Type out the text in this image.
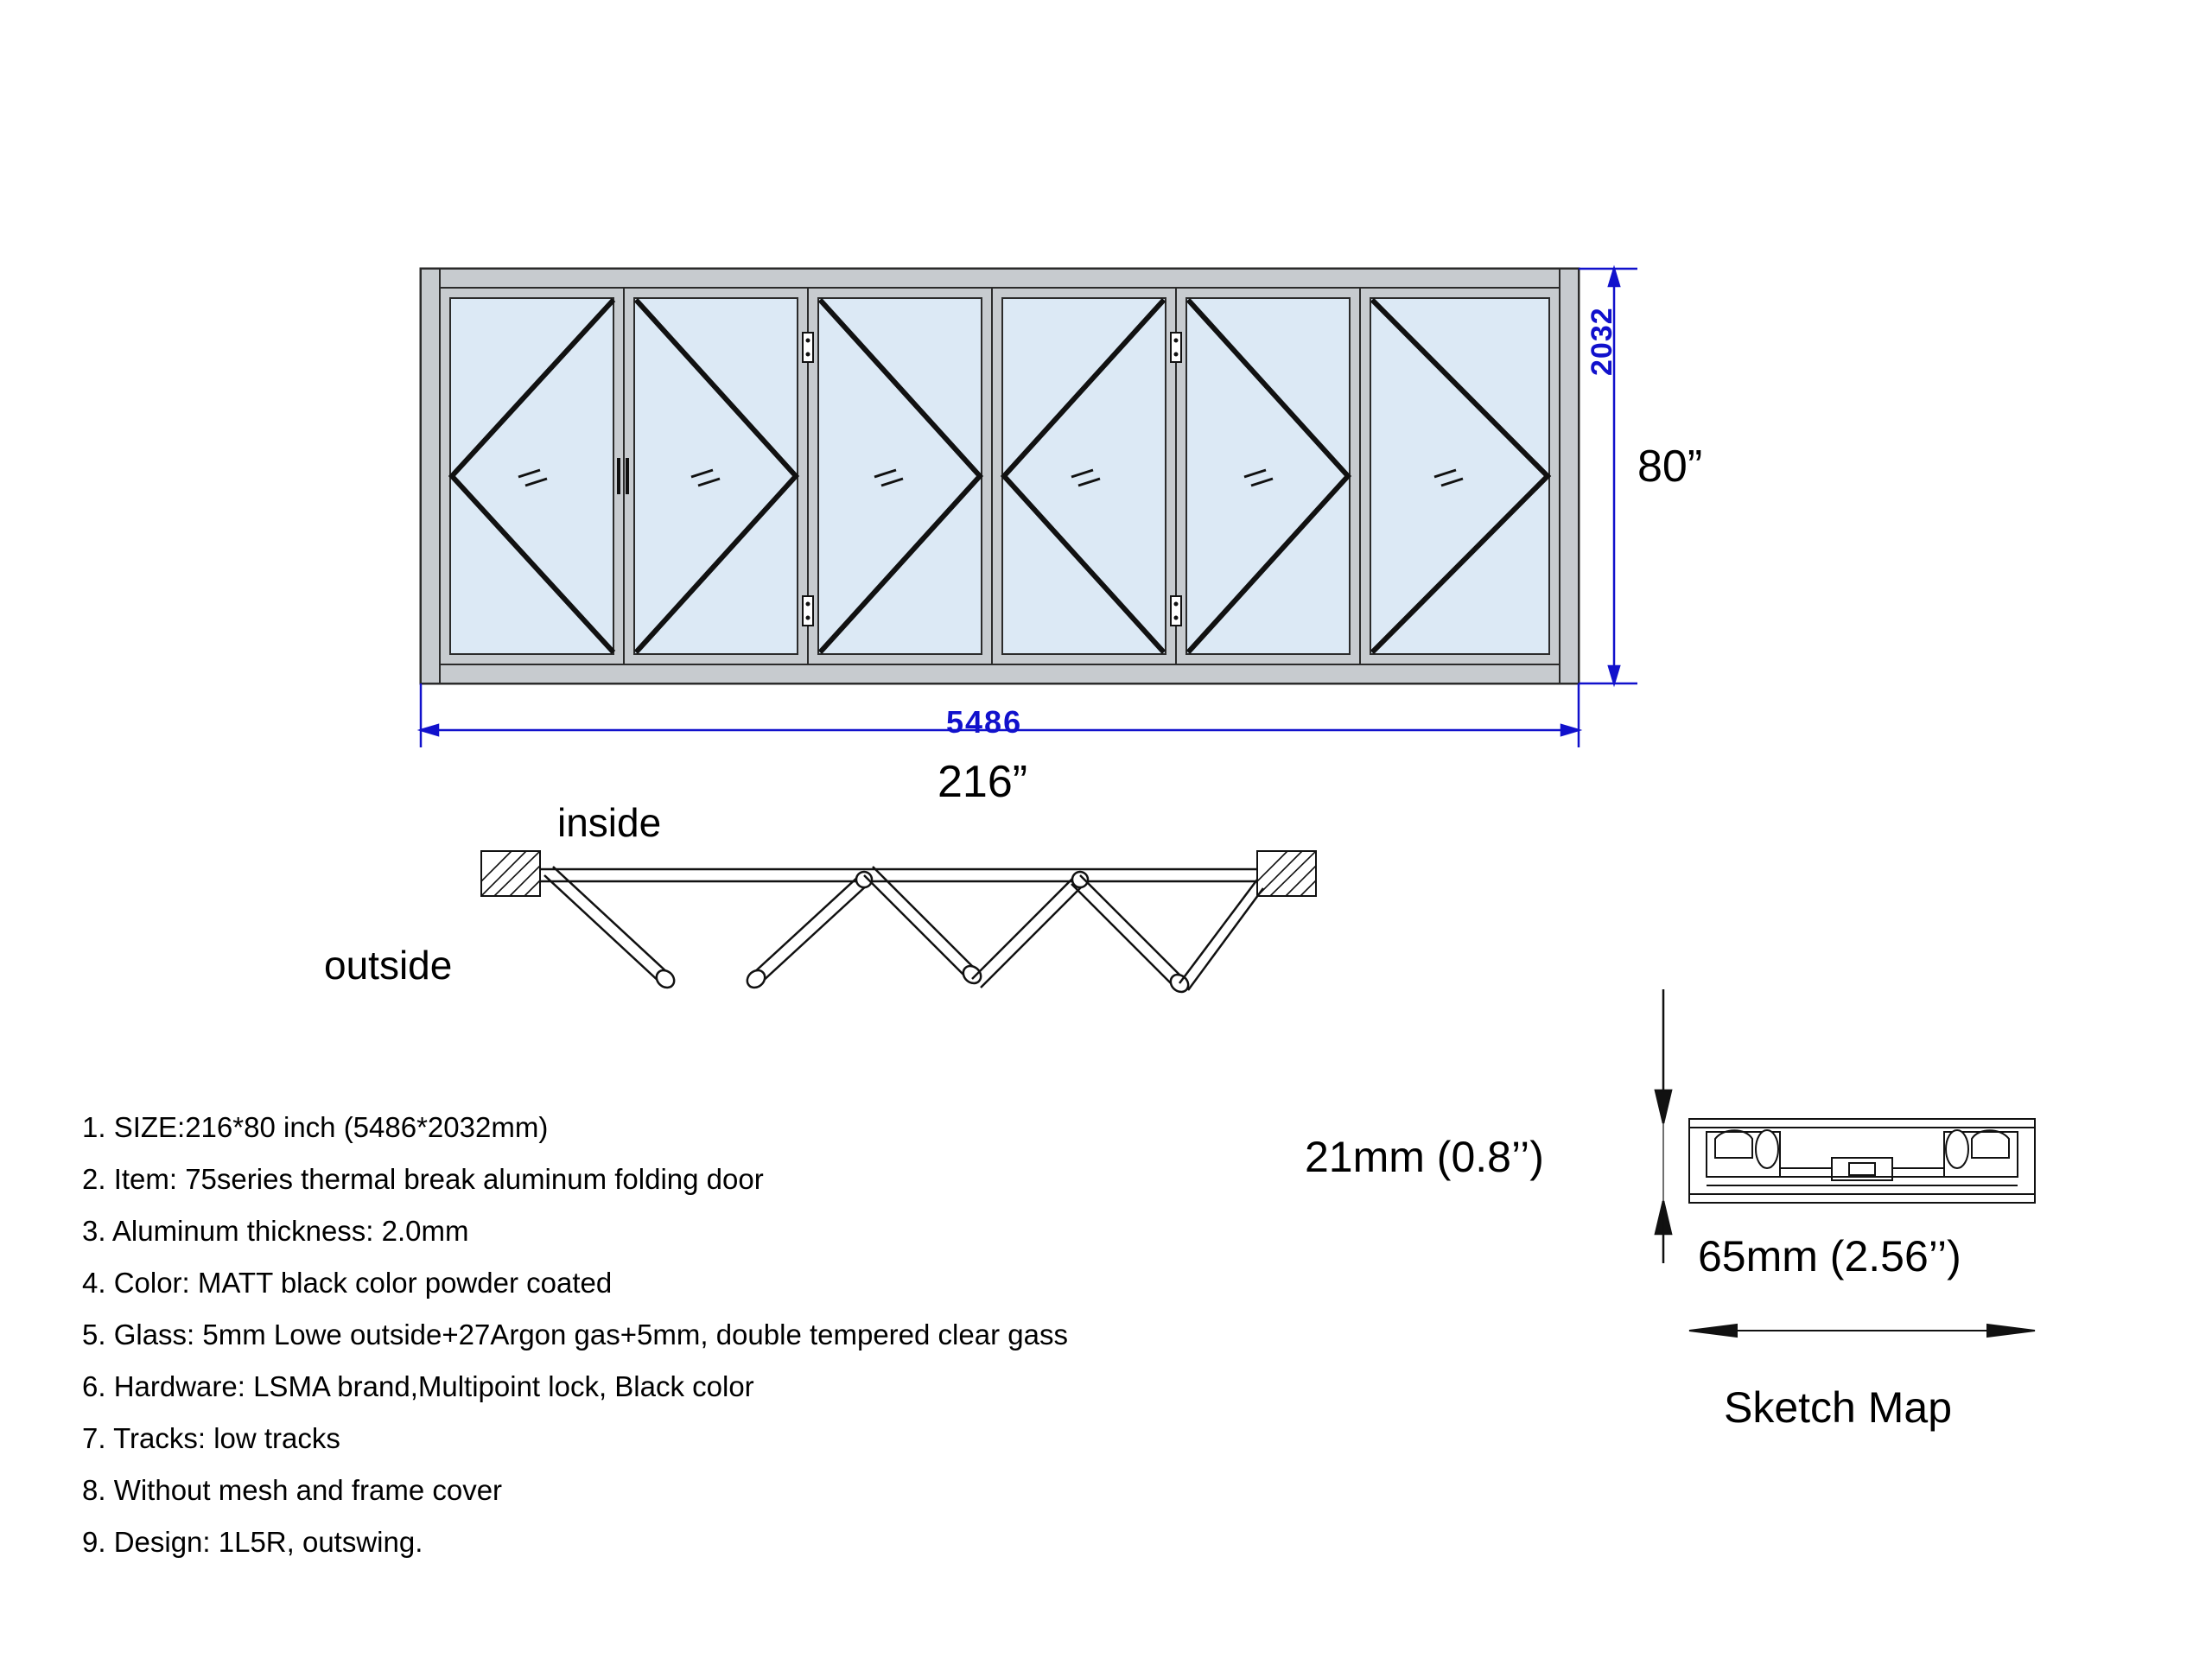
2032
80”
5486
216”
inside
outside
21mm (0.8’’)
65mm (2.56’’)
Sketch Map
1. SIZE:216*80 inch (5486*2032mm)
2. Item: 75series thermal break aluminum folding door
3. Aluminum thickness: 2.0mm
4. Color: MATT black color powder coated
5. Glass: 5mm Lowe outside+27Argon gas+5mm, double tempered clear gass
6. Hardware: LSMA brand,Multipoint lock, Black color
7. Tracks: low tracks
8. Without mesh and frame cover
9. Design: 1L5R, outswing.
